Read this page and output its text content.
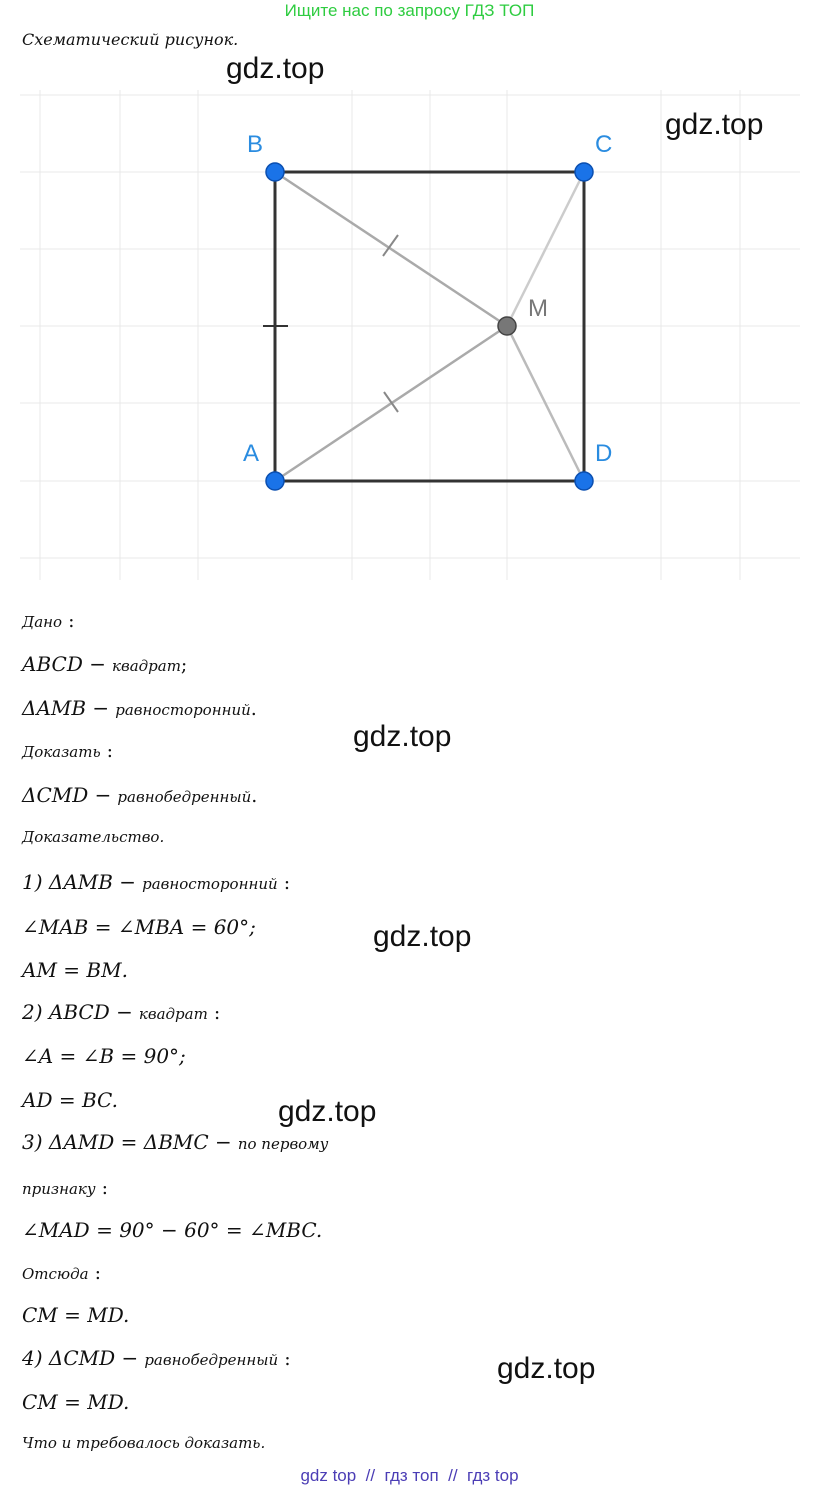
Ищите нас по запросу ГДЗ ТОП
Схематический рисунок.
B	C
A	D
M
gdz.top
gdz.top
gdz.top
gdz.top
gdz.top
gdz.top
Дано :
ABCD − квадрат;
ΔAMB − равносторонний.
Доказать :
ΔCMD − равнобедренный.
Доказательство.
1) ΔAMB − равносторонний :
∠MAB = ∠MBA = 60°;
AM = BM.
2) ABCD − квадрат :
∠A = ∠B = 90°;
AD = BC.
3) ΔAMD = ΔBMC − по первому
признаку :
∠MAD = 90° − 60° = ∠MBC.
Отсюда :
CM = MD.
4) ΔCMD − равнобедренный :
CM = MD.
Что и требовалось доказать.
gdz top  //  гдз топ  //  гдз top
